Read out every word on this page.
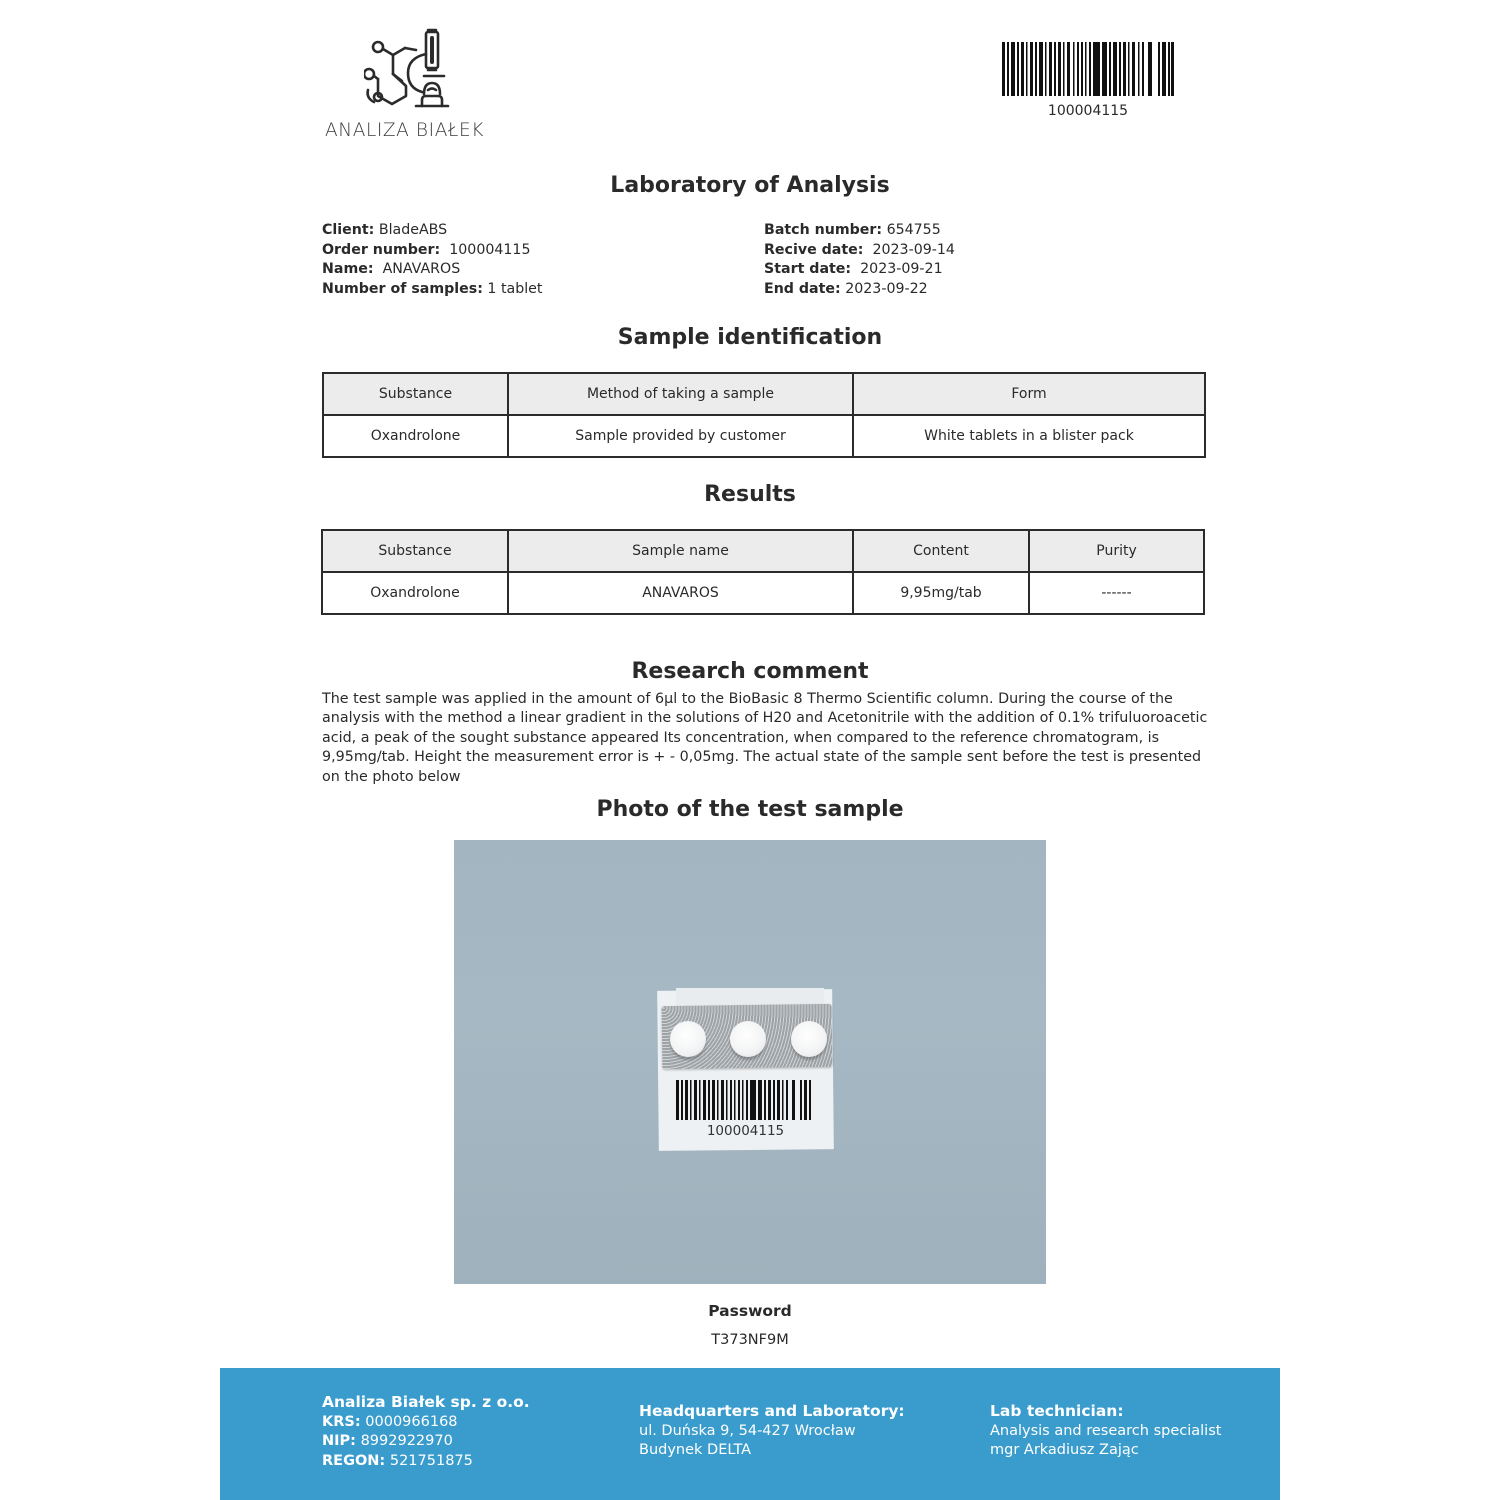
ANALIZA BIAŁEK
100004115
Laboratory of Analysis
Client: BladeABS
Order number: 100004115
Name: ANAVAROS
Number of samples: 1 tablet
Batch number: 654755
Recive date: 2023-09-14
Start date: 2023-09-21
End date: 2023-09-22
Sample identification
Substance	Method of taking a sample	Form
Oxandrolone	Sample provided by customer	White tablets in a blister pack
Results
Substance	Sample name	Content	Purity
Oxandrolone	ANAVAROS	9,95mg/tab	------
Research comment
The test sample was applied in the amount of 6μl to the BioBasic 8 Thermo Scientific column. During the course of the analysis with the method a linear gradient in the solutions of H20 and Acetonitrile with the addition of 0.1% trifuluoroacetic acid, a peak of the sought substance appeared Its concentration, when compared to the reference chromatogram, is 9,95mg/tab. Height the measurement error is + - 0,05mg. The actual state of the sample sent before the test is presented on the photo below
Photo of the test sample
100004115
Password
T373NF9M
Analiza Białek sp. z o.o.
KRS: 0000966168
NIP: 8992922970
REGON: 521751875
Headquarters and Laboratory:
ul. Duńska 9, 54-427 Wrocław
Budynek DELTA
Lab technician:
Analysis and research specialist
mgr Arkadiusz Zając
